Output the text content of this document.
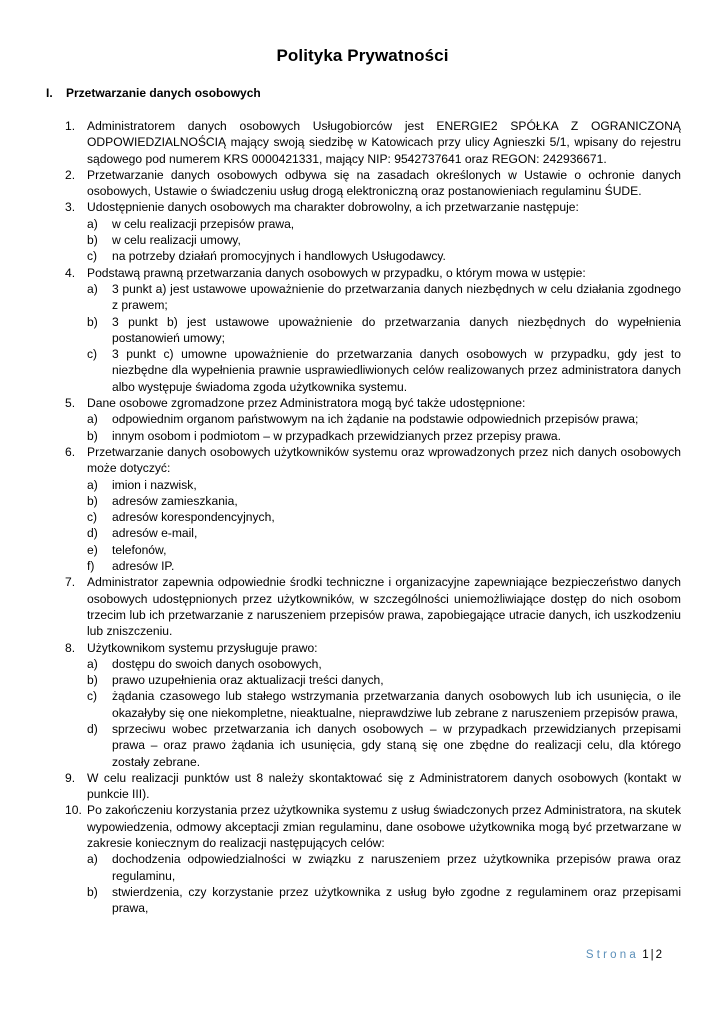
Polityka Prywatności
I. Przetwarzanie danych osobowych
1. Administratorem danych osobowych Usługobiorców jest ENERGIE2 SPÓŁKA Z OGRANICZONĄ ODPOWIEDZIALNOŚCIĄ mający swoją siedzibę w Katowicach przy ulicy Agnieszki 5/1, wpisany do rejestru sądowego pod numerem KRS 0000421331, mający NIP: 9542737641 oraz REGON: 242936671.
2. Przetwarzanie danych osobowych odbywa się na zasadach określonych w Ustawie o ochronie danych osobowych, Ustawie o świadczeniu usług drogą elektroniczną oraz postanowieniach regulaminu ŚUDE.
3. Udostępnienie danych osobowych ma charakter dobrowolny, a ich przetwarzanie następuje:
a) w celu realizacji przepisów prawa,
b) w celu realizacji umowy,
c) na potrzeby działań promocyjnych i handlowych Usługodawcy.
4. Podstawą prawną przetwarzania danych osobowych w przypadku, o którym mowa w ustępie:
a) 3 punkt a) jest ustawowe upoważnienie do przetwarzania danych niezbędnych w celu działania zgodnego z prawem;
b) 3 punkt b) jest ustawowe upoważnienie do przetwarzania danych niezbędnych do wypełnienia postanowień umowy;
c) 3 punkt c) umowne upoważnienie do przetwarzania danych osobowych w przypadku, gdy jest to niezbędne dla wypełnienia prawnie usprawiedliwionych celów realizowanych przez administratora danych albo występuje świadoma zgoda użytkownika systemu.
5. Dane osobowe zgromadzone przez Administratora mogą być także udostępnione:
a) odpowiednim organom państwowym na ich żądanie na podstawie odpowiednich przepisów prawa;
b) innym osobom i podmiotom – w przypadkach przewidzianych przez przepisy prawa.
6. Przetwarzanie danych osobowych użytkowników systemu oraz wprowadzonych przez nich danych osobowych może dotyczyć:
a) imion i nazwisk,
b) adresów zamieszkania,
c) adresów korespondencyjnych,
d) adresów e-mail,
e) telefonów,
f) adresów IP.
7. Administrator zapewnia odpowiednie środki techniczne i organizacyjne zapewniające bezpieczeństwo danych osobowych udostępnionych przez użytkowników, w szczególności uniemożliwiające dostęp do nich osobom trzecim lub ich przetwarzanie z naruszeniem przepisów prawa, zapobiegające utracie danych, ich uszkodzeniu lub zniszczeniu.
8. Użytkownikom systemu przysługuje prawo:
a) dostępu do swoich danych osobowych,
b) prawo uzupełnienia oraz aktualizacji treści danych,
c) żądania czasowego lub stałego wstrzymania przetwarzania danych osobowych lub ich usunięcia, o ile okazałyby się one niekompletne, nieaktualne, nieprawdziwe lub zebrane z naruszeniem przepisów prawa,
d) sprzeciwu wobec przetwarzania ich danych osobowych – w przypadkach przewidzianych przepisami prawa – oraz prawo żądania ich usunięcia, gdy staną się one zbędne do realizacji celu, dla którego zostały zebrane.
9. W celu realizacji punktów ust 8 należy skontaktować się z Administratorem danych osobowych (kontakt w punkcie III).
10. Po zakończeniu korzystania przez użytkownika systemu z usług świadczonych przez Administratora, na skutek wypowiedzenia, odmowy akceptacji zmian regulaminu, dane osobowe użytkownika mogą być przetwarzane w zakresie koniecznym do realizacji następujących celów:
a) dochodzenia odpowiedzialności w związku z naruszeniem przez użytkownika przepisów prawa oraz regulaminu,
b) stwierdzenia, czy korzystanie przez użytkownika z usług było zgodne z regulaminem oraz przepisami prawa,
Strona 1 | 2
